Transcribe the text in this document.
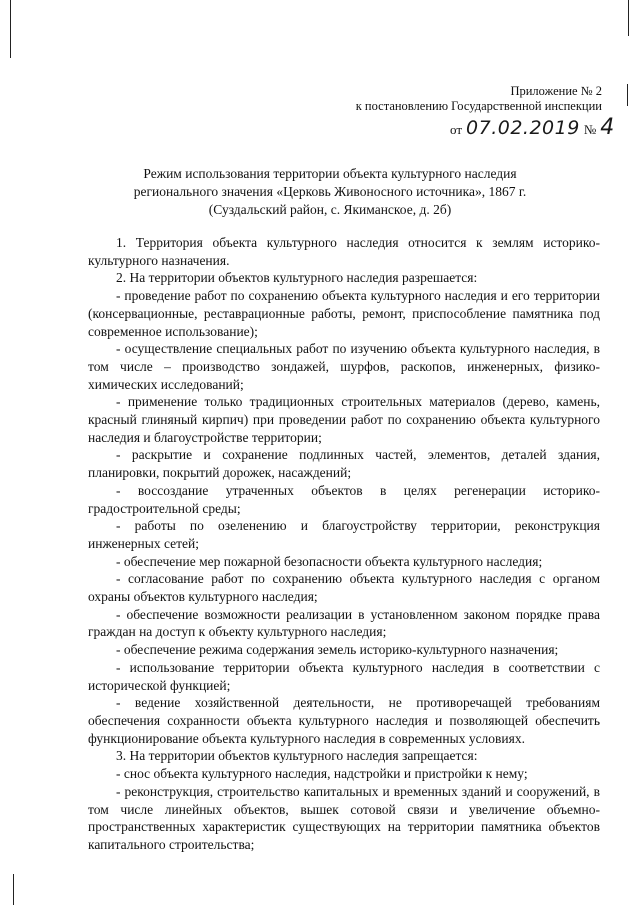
Приложение № 2
к постановлению Государственной инспекции
от 07.02.2019 № 4
Режим использования территории объекта культурного наследия
регионального значения «Церковь Живоносного источника», 1867 г.
(Суздальский район, с. Якиманское, д. 2б)

1. Территория объекта культурного наследия относится к землям историко-культурного назначения.

2. На территории объектов культурного наследия разрешается:

- проведение работ по сохранению объекта культурного наследия и его территории (консервационные, реставрационные работы, ремонт, приспособление памятника под современное использование);

- осуществление специальных работ по изучению объекта культурного наследия, в том числе – производство зондажей, шурфов, раскопов, инженерных, физико-химических исследований;

- применение только традиционных строительных материалов (дерево, камень, красный глиняный кирпич) при проведении работ по сохранению объекта культурного наследия и благоустройстве территории;

- раскрытие и сохранение подлинных частей, элементов, деталей здания, планировки, покрытий дорожек, насаждений;

- воссоздание утраченных объектов в целях регенерации историко-градостроительной среды;

- работы по озеленению и благоустройству территории, реконструкция инженерных сетей;

- обеспечение мер пожарной безопасности объекта культурного наследия;

- согласование работ по сохранению объекта культурного наследия с органом охраны объектов культурного наследия;

- обеспечение возможности реализации в установленном законом порядке права граждан на доступ к объекту культурного наследия;

- обеспечение режима содержания земель историко-культурного назначения;

- использование территории объекта культурного наследия в соответствии с исторической функцией;

- ведение хозяйственной деятельности, не противоречащей требованиям обеспечения сохранности объекта культурного наследия и позволяющей обеспечить функционирование объекта культурного наследия в современных условиях.

3. На территории объектов культурного наследия запрещается:

- снос объекта культурного наследия, надстройки и пристройки к нему;

- реконструкция, строительство капитальных и временных зданий и сооружений, в том числе линейных объектов, вышек сотовой связи и увеличение объемно-пространственных характеристик существующих на территории памятника объектов капитального строительства;
